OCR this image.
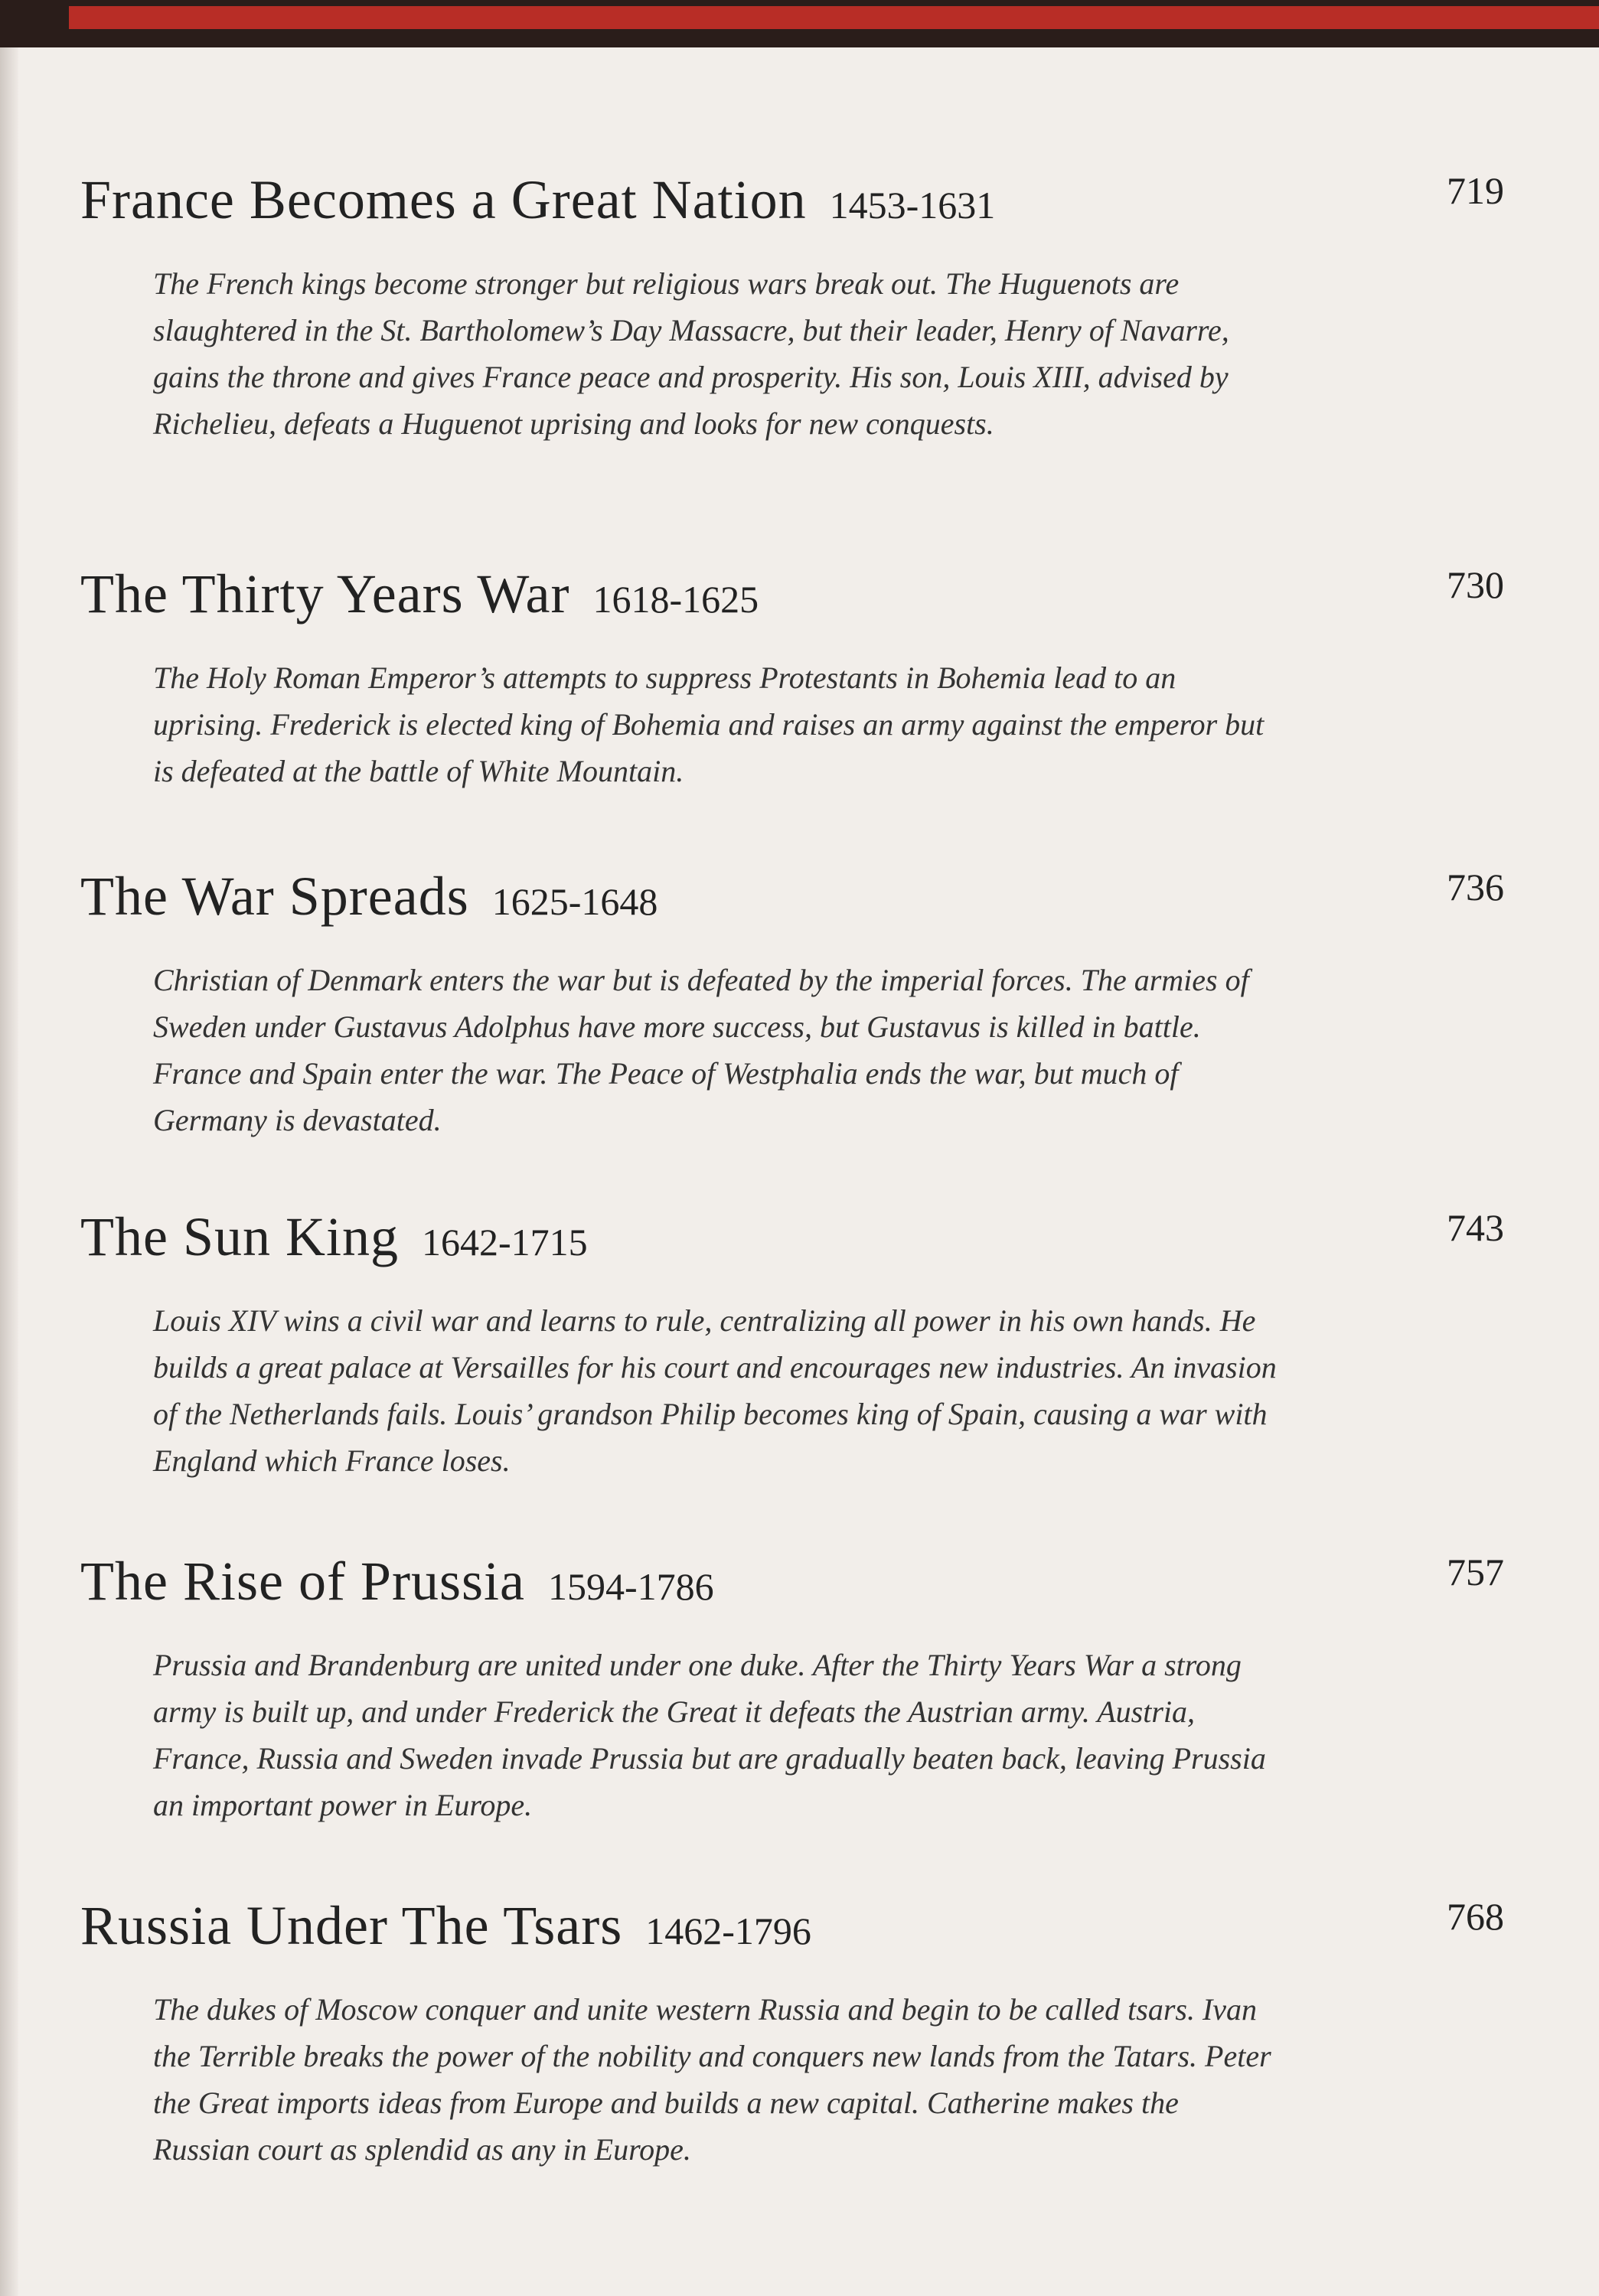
France Becomes a Great Nation 1453-1631	719
The French kings become stronger but religious wars break out. The Huguenots are slaughtered in the St. Bartholomew’s Day Massacre, but their leader, Henry of Navarre, gains the throne and gives France peace and prosperity. His son, Louis XIII, advised by Richelieu, defeats a Huguenot uprising and looks for new conquests.
The Thirty Years War 1618-1625	730
The Holy Roman Emperor’s attempts to suppress Protestants in Bohemia lead to an uprising. Frederick is elected king of Bohemia and raises an army against the emperor but is defeated at the battle of White Mountain.
The War Spreads 1625-1648	736
Christian of Denmark enters the war but is defeated by the imperial forces. The armies of Sweden under Gustavus Adolphus have more success, but Gustavus is killed in battle. France and Spain enter the war. The Peace of Westphalia ends the war, but much of Germany is devastated.
The Sun King 1642-1715	743
Louis XIV wins a civil war and learns to rule, centralizing all power in his own hands. He builds a great palace at Versailles for his court and encourages new industries. An invasion of the Netherlands fails. Louis’ grandson Philip becomes king of Spain, causing a war with England which France loses.
The Rise of Prussia 1594-1786	757
Prussia and Brandenburg are united under one duke. After the Thirty Years War a strong army is built up, and under Frederick the Great it defeats the Austrian army. Austria, France, Russia and Sweden invade Prussia but are gradually beaten back, leaving Prussia an important power in Europe.
Russia Under The Tsars 1462-1796	768
The dukes of Moscow conquer and unite western Russia and begin to be called tsars. Ivan the Terrible breaks the power of the nobility and conquers new lands from the Tatars. Peter the Great imports ideas from Europe and builds a new capital. Catherine makes the Russian court as splendid as any in Europe.
